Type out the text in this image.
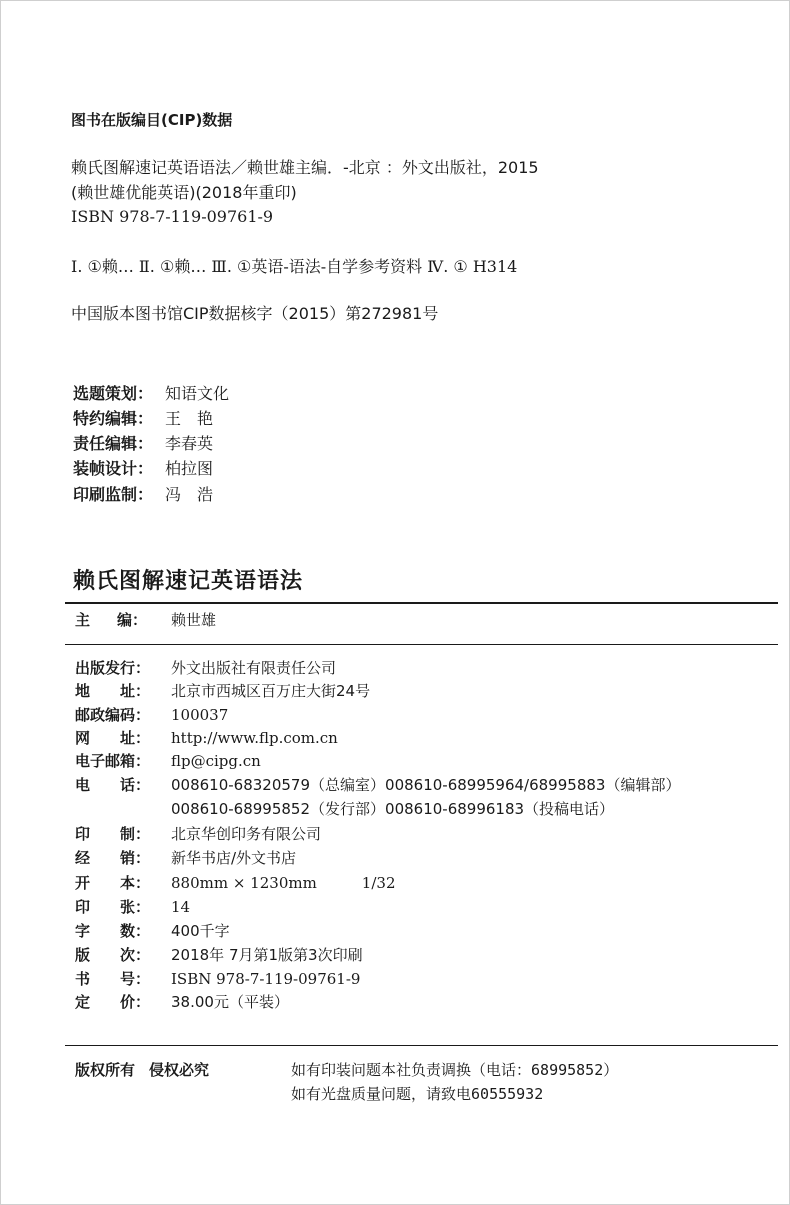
图书在版编目(CIP)数据
赖氏图解速记英语语法／赖世雄主编．-北京 ：外文出版社，2015
(赖世雄优能英语)(2018年重印)
ISBN 978-7-119-09761-9
Ⅰ. ①赖… Ⅱ. ①赖… Ⅲ. ①英语-语法-自学参考资料 Ⅳ. ① H314
中国版本图书馆CIP数据核字（2015）第272981号
选题策划： 知语文化
特约编辑： 王　艳
责任编辑： 李春英
装帧设计： 柏拉图
印刷监制： 冯　浩
赖氏图解速记英语语法
主 编： 赖世雄
出版发行： 外文出版社有限责任公司
地　　址： 北京市西城区百万庄大街24号
邮政编码： 100037
网　　址： http://www.flp.com.cn
电子邮箱： flp@cipg.cn
电　　话： 008610-68320579（总编室）008610-68995964/68995883（编辑部）
008610-68995852（发行部）008610-68996183（投稿电话）
印　　制： 北京华创印务有限公司
经　　销： 新华书店/外文书店
开　　本： 880mm × 1230mm　　　1/32
印　　张： 14
字　　数： 400千字
版　　次： 2018年 7月第1版第3次印刷
书　　号： ISBN 978-7-119-09761-9
定　　价： 38.00元（平装）
版权所有 侵权必究	如有印装问题本社负责调换（电话：68995852）
如有光盘质量问题，请致电60555932
